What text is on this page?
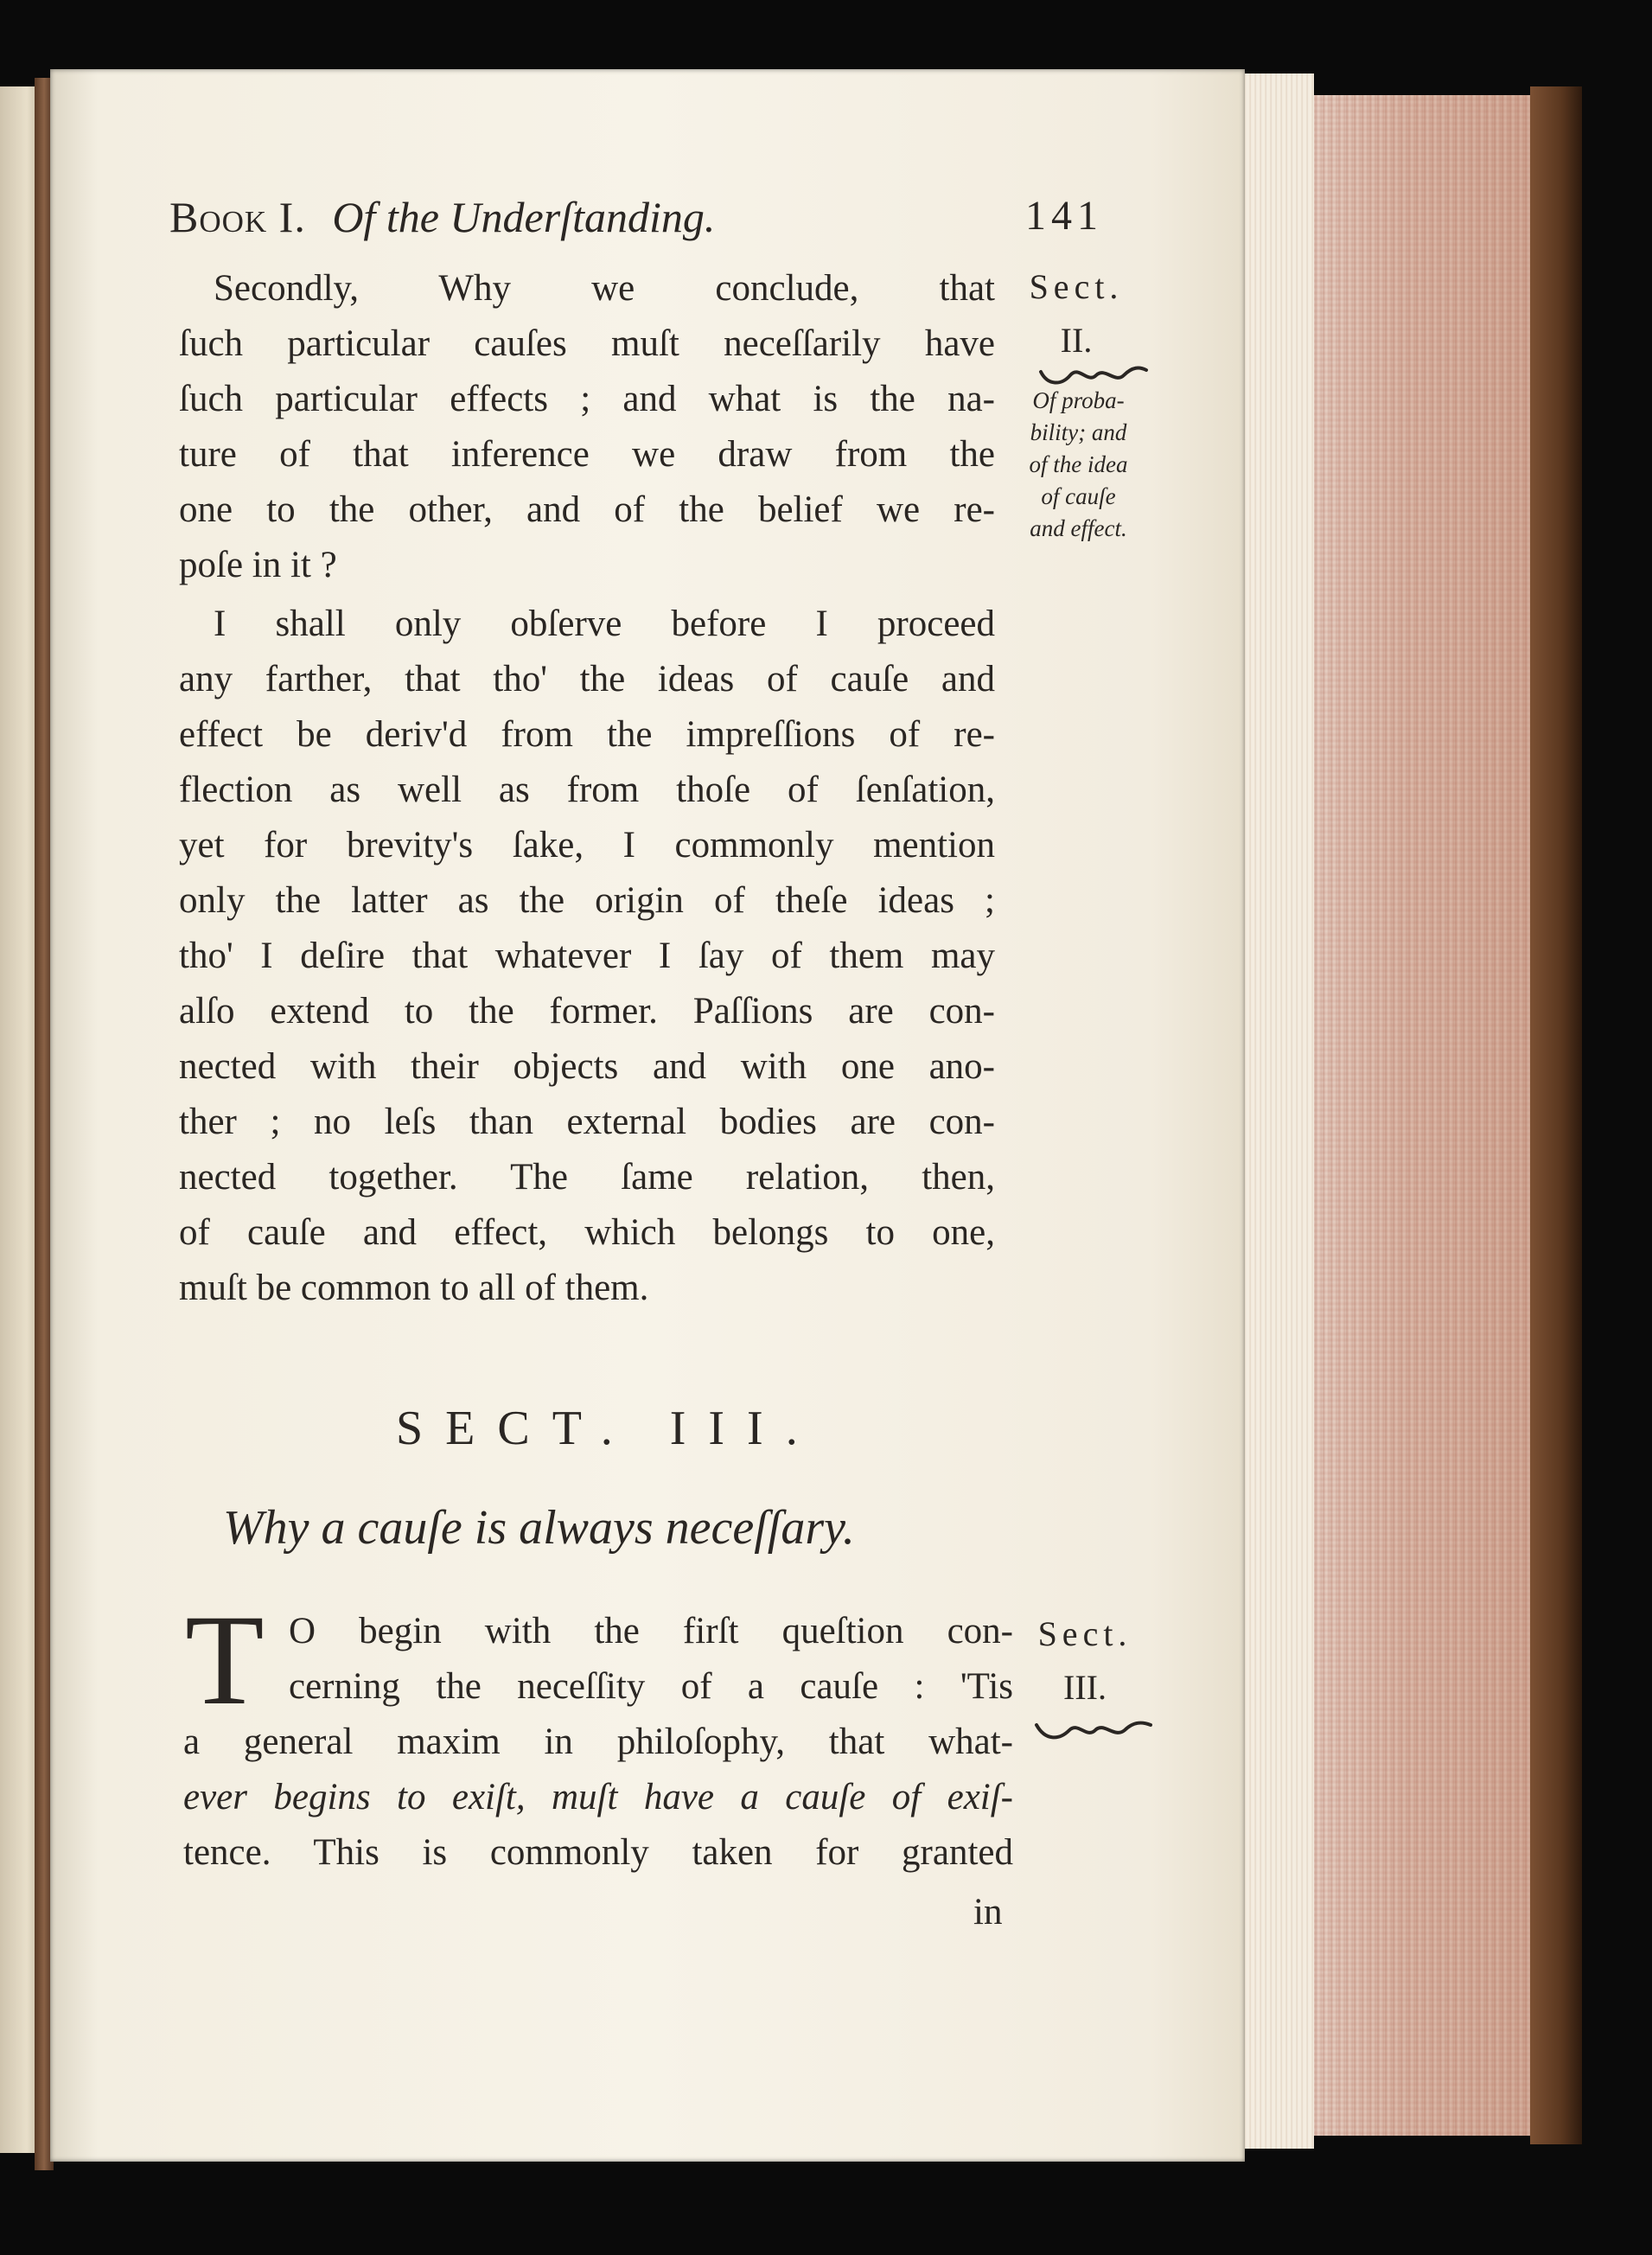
Book I. Of the Underſtanding.	141
Secondly, Why we conclude, that
ſuch particular cauſes muſt neceſſarily have
ſuch particular effects ; and what is the na-
ture of that inference we draw from the
one to the other, and of the belief we re-
poſe in it ?
Sect.
II.
Of proba-
bility; and
of the idea
of cauſe
and effect.
I shall only obſerve before I proceed
any farther, that tho' the ideas of cauſe and
effect be deriv'd from the impreſſions of re-
flection as well as from thoſe of ſenſation,
yet for brevity's ſake, I commonly mention
only the latter as the origin of theſe ideas ;
tho' I deſire that whatever I ſay of them may
alſo extend to the former. Paſſions are con-
nected with their objects and with one ano-
ther ; no leſs than external bodies are con-
nected together. The ſame relation, then,
of cauſe and effect, which belongs to one,
muſt be common to all of them.
SECT. III.
Why a cauſe is always neceſſary.
T O begin with the firſt queſtion con-
cerning the neceſſity of a cauſe : 'Tis
a general maxim in philoſophy, that what-
ever begins to exiſt, muſt have a cauſe of exiſ-
tence. This is commonly taken for granted
in
Sect.
III.
